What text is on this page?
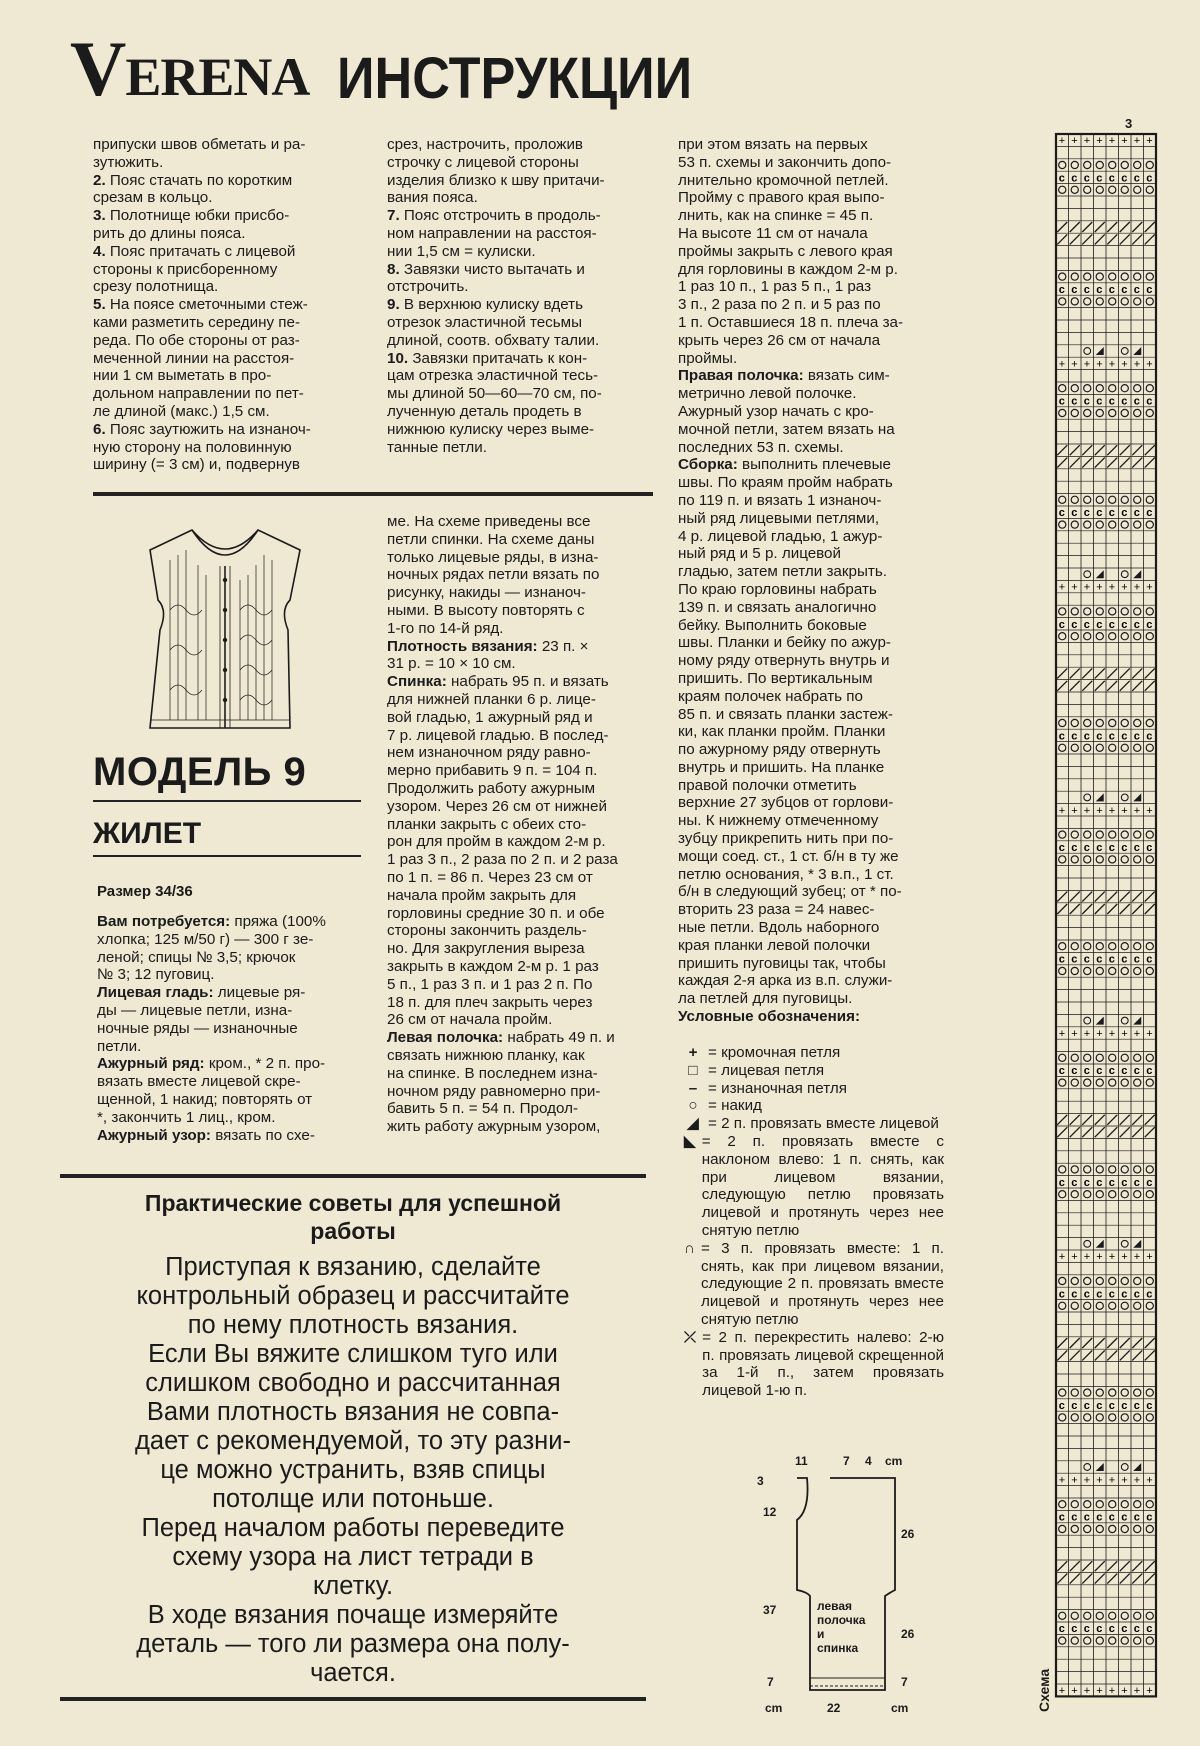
VERENA ИНСТРУКЦИИ

припуски швов обметать и ра-

зутюжить.

2. Пояс стачать по коротким

срезам в кольцо.

3. Полотнище юбки присбо-

рить до длины пояса.

4. Пояс притачать с лицевой

стороны к присборенному

срезу полотнища.

5. На поясе сметочными стеж-

ками разметить середину пе-

реда. По обе стороны от раз-

меченной линии на расстоя-

нии 1 см выметать в про-

дольном направлении по пет-

ле длиной (макс.) 1,5 см.

6. Пояс заутюжить на изнаноч-

ную сторону на половинную

ширину (= 3 см) и, подвернув

срез, настрочить, проложив

строчку с лицевой стороны

изделия близко к шву притачи-

вания пояса.

7. Пояс отстрочить в продоль-

ном направлении на расстоя-

нии 1,5 см = кулиски.

8. Завязки чисто вытачать и

отстрочить.

9. В верхнюю кулиску вдеть

отрезок эластичной тесьмы

длиной, соотв. обхвату талии.

10. Завязки притачать к кон-

цам отрезка эластичной тесь-

мы длиной 50—60—70 см, по-

лученную деталь продеть в

нижнюю кулиску через выме-

танные петли.

МОДЕЛЬ 9
ЖИЛЕТ
Размер 34/36

Вам потребуется: пряжа (100%

хлопка; 125 м/50 г) — 300 г зе-

леной; спицы № 3,5; крючок

№ 3; 12 пуговиц.

Лицевая гладь: лицевые ря-

ды — лицевые петли, изна-

ночные ряды — изнаночные

петли.

Ажурный ряд: кром., * 2 п. про-

вязать вместе лицевой скре-

щенной, 1 накид; повторять от

*, закончить 1 лиц., кром.

Ажурный узор: вязать по схе-

ме. На схеме приведены все

петли спинки. На схеме даны

только лицевые ряды, в изна-

ночных рядах петли вязать по

рисунку, накиды — изнаноч-

ными. В высоту повторять с

1-го по 14-й ряд.

Плотность вязания: 23 п. ×

31 р. = 10 × 10 см.

Спинка: набрать 95 п. и вязать

для нижней планки 6 р. лице-

вой гладью, 1 ажурный ряд и

7 р. лицевой гладью. В послед-

нем изнаночном ряду равно-

мерно прибавить 9 п. = 104 п.

Продолжить работу ажурным

узором. Через 26 см от нижней

планки закрыть с обеих сто-

рон для пройм в каждом 2-м р.

1 раз 3 п., 2 раза по 2 п. и 2 раза

по 1 п. = 86 п. Через 23 см от

начала пройм закрыть для

горловины средние 30 п. и обе

стороны закончить раздель-

но. Для закругления выреза

закрыть в каждом 2-м р. 1 раз

5 п., 1 раз 3 п. и 1 раз 2 п. По

18 п. для плеч закрыть через

26 см от начала пройм.

Левая полочка: набрать 49 п. и

связать нижнюю планку, как

на спинке. В последнем изна-

ночном ряду равномерно при-

бавить 5 п. = 54 п. Продол-

жить работу ажурным узором,

при этом вязать на первых

53 п. схемы и закончить допо-

лнительно кромочной петлей.

Пройму с правого края выпо-

лнить, как на спинке = 45 п.

На высоте 11 см от начала

проймы закрыть с левого края

для горловины в каждом 2-м р.

1 раз 10 п., 1 раз 5 п., 1 раз

3 п., 2 раза по 2 п. и 5 раз по

1 п. Оставшиеся 18 п. плеча за-

крыть через 26 см от начала

проймы.

Правая полочка: вязать сим-

метрично левой полочке.

Ажурный узор начать с кро-

мочной петли, затем вязать на

последних 53 п. схемы.

Сборка: выполнить плечевые

швы. По краям пройм набрать

по 119 п. и вязать 1 изнаноч-

ный ряд лицевыми петлями,

4 р. лицевой гладью, 1 ажур-

ный ряд и 5 р. лицевой

гладью, затем петли закрыть.

По краю горловины набрать

139 п. и связать аналогично

бейку. Выполнить боковые

швы. Планки и бейку по ажур-

ному ряду отвернуть внутрь и

пришить. По вертикальным

краям полочек набрать по

85 п. и связать планки застеж-

ки, как планки пройм. Планки

по ажурному ряду отвернуть

внутрь и пришить. На планке

правой полочки отметить

верхние 27 зубцов от горлови-

ны. К нижнему отмеченному

зубцу прикрепить нить при по-

мощи соед. ст., 1 ст. б/н в ту же

петлю основания, * 3 в.п., 1 ст.

б/н в следующий зубец; от * по-

вторить 23 раза = 24 навес-

ные петли. Вдоль наборного

края планки левой полочки

пришить пуговицы так, чтобы

каждая 2-я арка из в.п. служи-

ла петлей для пуговицы.

Условные обозначения:

+ = кромочная петля
□ = лицевая петля
– = изнаночная петля
○ = накид
◢ = 2 п. провязать вместе лицевой
◣ = 2 п. провязать вместе с наклоном влево: 1 п. снять, как при лицевом вязании, следующую петлю провязать лицевой и протянуть через нее снятую петлю
∩ = 3 п. провязать вместе: 1 п. снять, как при лицевом вязании, следующие 2 п. провязать вместе лицевой и протянуть через нее снятую петлю
⤫ = 2 п. перекрестить налево: 2-ю п. провязать лицевой скрещенной за 1-й п., затем провязать лицевой 1-ю п.
Практические советы для успешной
работы
Приступая к вязанию, сделайте
контрольный образец и рассчитайте
по нему плотность вязания.
Если Вы вяжите слишком туго или
слишком свободно и рассчитанная
Вами плотность вязания не совпа-
дает с рекомендуемой, то эту разни-
це можно устранить, взяв спицы
потолще или потоньше.
Перед началом работы переведите
схему узора на лист тетради в
клетку.
В ходе вязания почаще измеряйте
деталь — того ли размера она полу-
чается.
11	7 4 cm
3
12
37
7
26
26
7
cm	22	cm
левая
полочка
и
спинка
3
+ + + + + + + +
c c c c c c c c
c c c c c c c c
+ + + + + + + +
c c c c c c c c
c c c c c c c c
+ + + + + + + +
c c c c c c c c
c c c c c c c c
+ + + + + + + +
c c c c c c c c
c c c c c c c c
+ + + + + + + +
c c c c c c c c
c c c c c c c c
+ + + + + + + +
c c c c c c c c
c c c c c c c c
+ + + + + + + +
c c c c c c c c
c c c c c c c c
+ + + + + + + +
Схема
